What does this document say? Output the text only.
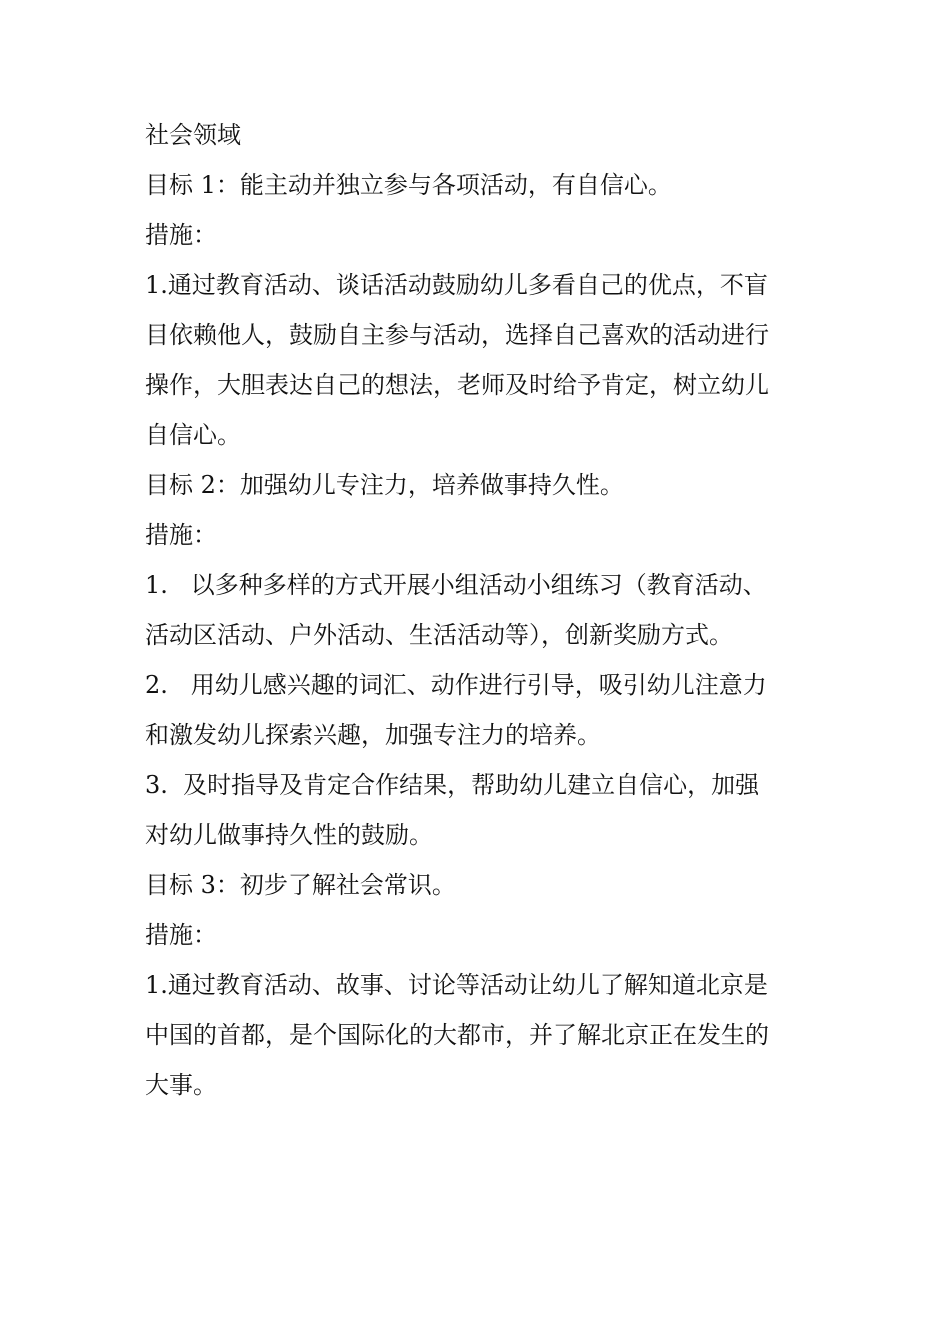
社会领域
目标 1：能主动并独立参与各项活动，有自信心。
措施：
1.通过教育活动、谈话活动鼓励幼儿多看自己的优点，不盲
目依赖他人，鼓励自主参与活动，选择自己喜欢的活动进行
操作，大胆表达自己的想法，老师及时给予肯定，树立幼儿
自信心。
目标 2：加强幼儿专注力，培养做事持久性。
措施：
1.   以多种多样的方式开展小组活动小组练习（教育活动、
活动区活动、户外活动、生活活动等），创新奖励方式。
2.   用幼儿感兴趣的词汇、动作进行引导，吸引幼儿注意力
和激发幼儿探索兴趣，加强专注力的培养。
3.  及时指导及肯定合作结果，帮助幼儿建立自信心，加强
对幼儿做事持久性的鼓励。
目标 3：初步了解社会常识。
措施：
1.通过教育活动、故事、讨论等活动让幼儿了解知道北京是
中国的首都，是个国际化的大都市，并了解北京正在发生的
大事。
